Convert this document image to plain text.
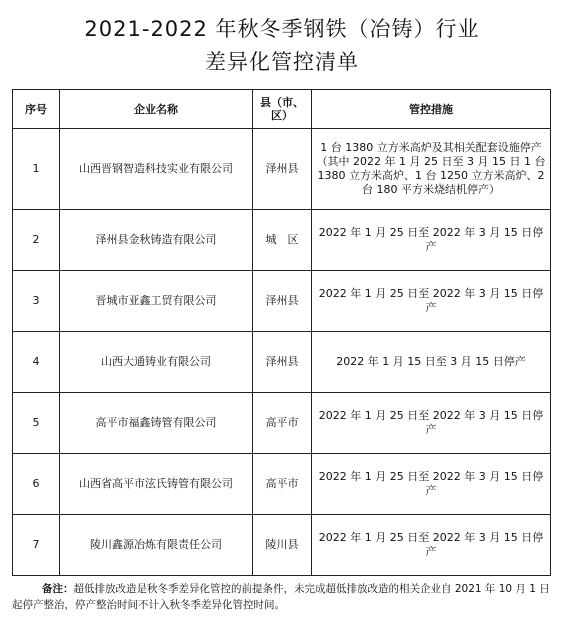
2021-2022 年秋冬季钢铁（冶铸）行业
差异化管控清单
序号	企业名称	县（市、区）	管控措施
1	山西晋钢智造科技实业有限公司	泽州县	1 台 1380 立方米高炉及其相关配套设施停产（其中 2022 年 1 月 25 日至 3 月 15 日 1 台 1380 立方米高炉、1 台 1250 立方米高炉、2 台 180 平方米烧结机停产）
2	泽州县金秋铸造有限公司	城　区	2022 年 1 月 25 日至 2022 年 3 月 15 日停产
3	晋城市亚鑫工贸有限公司	泽州县	2022 年 1 月 25 日至 2022 年 3 月 15 日停产
4	山西大通铸业有限公司	泽州县	2022 年 1 月 15 日至 3 月 15 日停产
5	高平市福鑫铸管有限公司	高平市	2022 年 1 月 25 日至 2022 年 3 月 15 日停产
6	山西省高平市泫氏铸管有限公司	高平市	2022 年 1 月 25 日至 2022 年 3 月 15 日停产
7	陵川鑫源冶炼有限责任公司	陵川县	2022 年 1 月 25 日至 2022 年 3 月 15 日停产
备注：超低排放改造是秋冬季差异化管控的前提条件，未完成超低排放改造的相关企业自 2021 年 10 月 1 日起停产整治，停产整治时间不计入秋冬季差异化管控时间。
